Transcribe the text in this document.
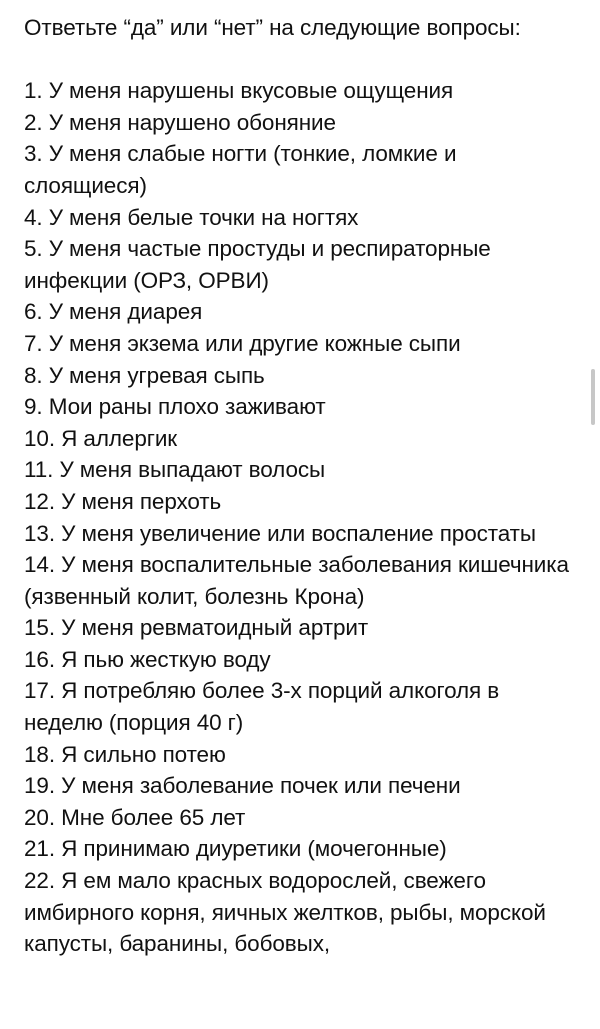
Ответьте “да” или “нет” на следующие вопросы:

1. У меня нарушены вкусовые ощущения
2. У меня нарушено обоняние
3. У меня слабые ногти (тонкие, ломкие и слоящиеся)
4. У меня белые точки на ногтях
5. У меня частые простуды и респираторные инфекции (ОРЗ, ОРВИ)
6. У меня диарея
7. У меня экзема или другие кожные сыпи
8. У меня угревая сыпь
9. Мои раны плохо заживают
10. Я аллергик
11. У меня выпадают волосы
12. У меня перхоть
13. У меня увеличение или воспаление простаты
14. У меня воспалительные заболевания кишечника (язвенный колит, болезнь Крона)
15. У меня ревматоидный артрит
16. Я пью жесткую воду
17. Я потребляю более 3-х порций алкоголя в неделю (порция 40 г)
18. Я сильно потею
19. У меня заболевание почек или печени
20. Мне более 65 лет
21. Я принимаю диуретики (мочегонные)
22. Я ем мало красных водорослей, свежего имбирного корня, яичных желтков, рыбы, морской капусты, баранины, бобовых,
